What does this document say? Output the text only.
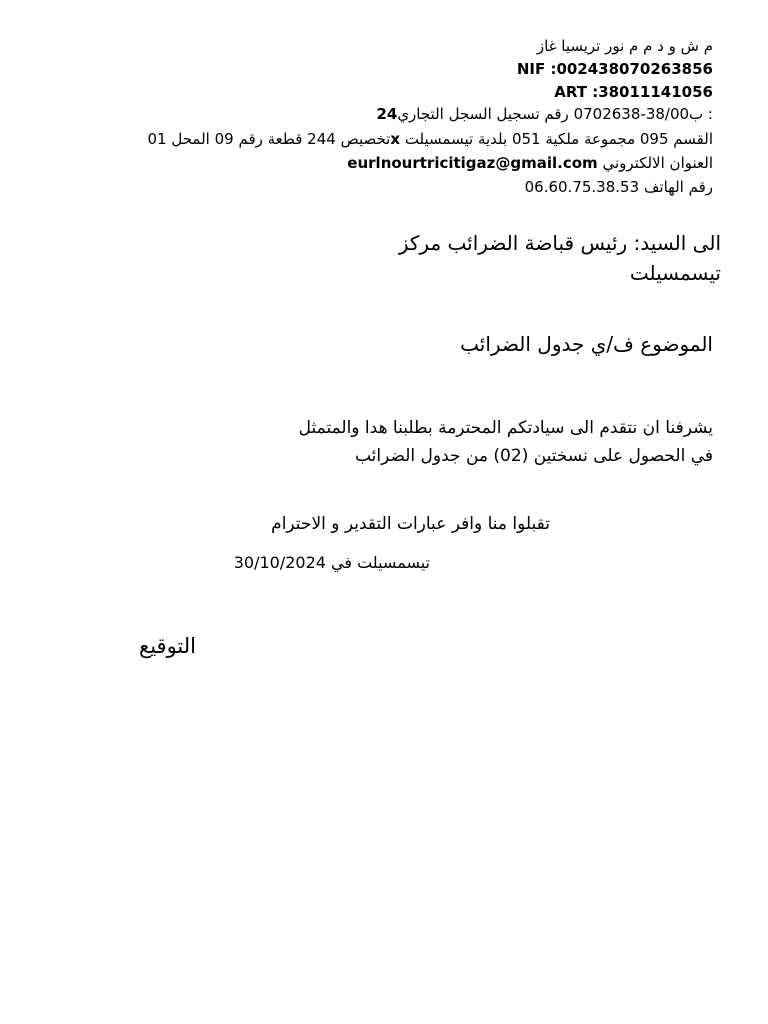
م ش و د م م نور تريسيا غاز
NIF :002438070263856
ART :38011141056
: ب38/00-0702638 رقم تسجيل السجل التجاري24
القسم 095 مجموعة ملكية 051 بلدية تيسمسيلت xتخصيص 244 قطعة رقم 09 المحل 01
العنوان الالكتروني eurlnourtricitigaz@gmail.com
رقم الهاتف 06.60.75.38.53
الى السيد: رئيس قباضة الضرائب مركز
تيسمسيلت
الموضوع ف/ي جدول الضرائب
يشرفنا ان نتقدم الى سيادتكم المحترمة بطلبنا هدا والمتمثل
في الحصول على نسختين (02) من جدول الضرائب
تقبلوا منا وافر عبارات التقدير و الاحترام
تيسمسيلت في 30/10/2024
التوقيع
